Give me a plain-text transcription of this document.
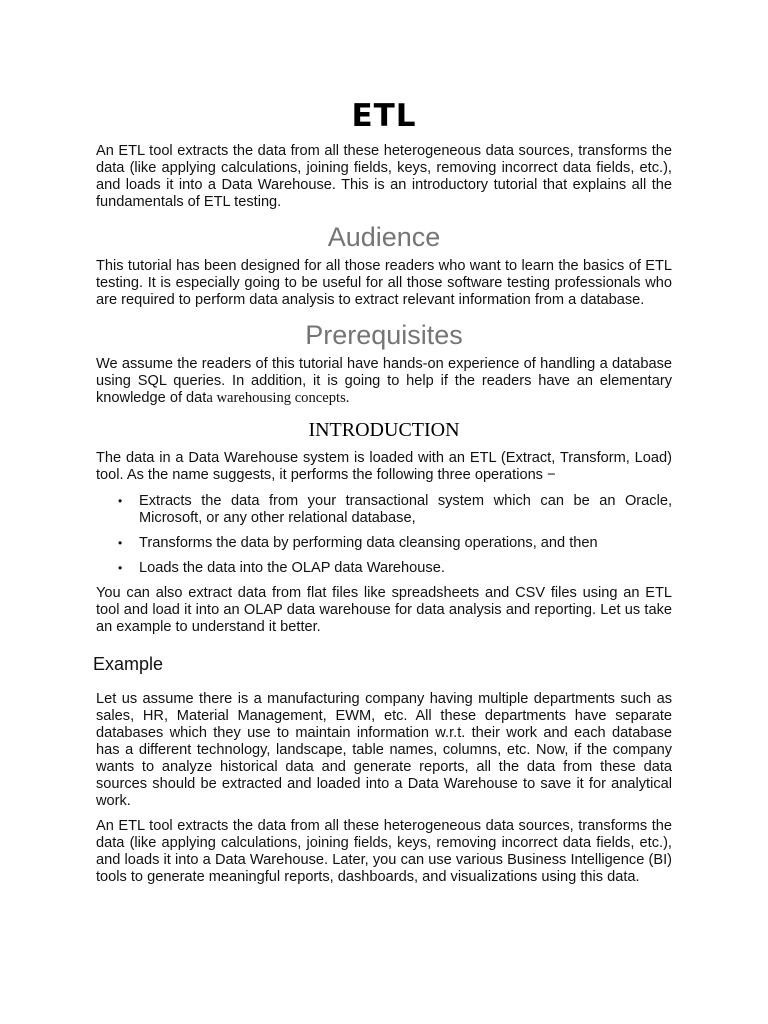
ETL

An ETL tool extracts the data from all these heterogeneous data sources, transforms the data (like applying calculations, joining fields, keys, removing incorrect data fields, etc.), and loads it into a Data Warehouse. This is an introductory tutorial that explains all the fundamentals of ETL testing.

Audience

This tutorial has been designed for all those readers who want to learn the basics of ETL testing. It is especially going to be useful for all those software testing professionals who are required to perform data analysis to extract relevant information from a database.

Prerequisites

We assume the readers of this tutorial have hands-on experience of handling a database using SQL queries. In addition, it is going to help if the readers have an elementary knowledge of data warehousing concepts.

INTRODUCTION

The data in a Data Warehouse system is loaded with an ETL (Extract, Transform, Load) tool. As the name suggests, it performs the following three operations −

• Extracts the data from your transactional system which can be an Oracle, Microsoft, or any other relational database,
• Transforms the data by performing data cleansing operations, and then
• Loads the data into the OLAP data Warehouse.

You can also extract data from flat files like spreadsheets and CSV files using an ETL tool and load it into an OLAP data warehouse for data analysis and reporting. Let us take an example to understand it better.

Example

Let us assume there is a manufacturing company having multiple departments such as sales, HR, Material Management, EWM, etc. All these departments have separate databases which they use to maintain information w.r.t. their work and each database has a different technology, landscape, table names, columns, etc. Now, if the company wants to analyze historical data and generate reports, all the data from these data sources should be extracted and loaded into a Data Warehouse to save it for analytical work.

An ETL tool extracts the data from all these heterogeneous data sources, transforms the data (like applying calculations, joining fields, keys, removing incorrect data fields, etc.), and loads it into a Data Warehouse. Later, you can use various Business Intelligence (BI) tools to generate meaningful reports, dashboards, and visualizations using this data.
